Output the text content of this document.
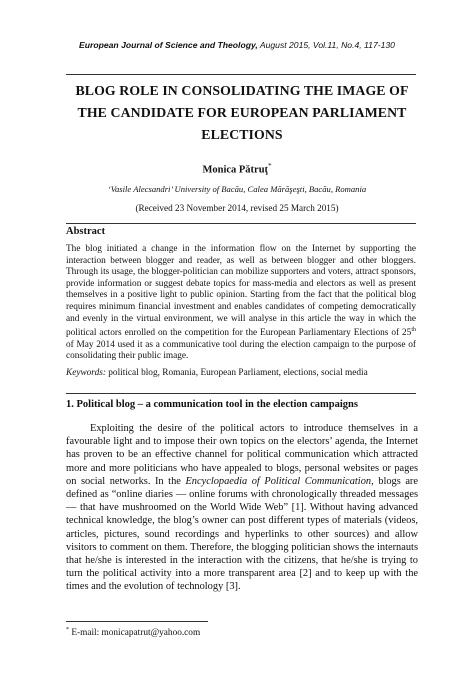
European Journal of Science and Theology, August 2015, Vol.11, No.4, 117-130
BLOG ROLE IN CONSOLIDATING THE IMAGE OF
THE CANDIDATE FOR EUROPEAN PARLIAMENT
ELECTIONS
Monica Pătruţ*
‘Vasile Alecsandri’ University of Bacău, Calea Mărăşeşti, Bacău, Romania
(Received 23 November 2014, revised 25 March 2015)
Abstract
The blog initiated a change in the information flow on the Internet by supporting the interaction between blogger and reader, as well as between blogger and other bloggers. Through its usage, the blogger-politician can mobilize supporters and voters, attract sponsors, provide information or suggest debate topics for mass-media and electors as well as present themselves in a positive light to public opinion. Starting from the fact that the political blog requires minimum financial investment and enables candidates of competing democratically and evenly in the virtual environment, we will analyse in this article the way in which the political actors enrolled on the competition for the European Parliamentary Elections of 25th of May 2014 used it as a communicative tool during the election campaign to the purpose of consolidating their public image.
Keywords: political blog, Romania, European Parliament, elections, social media
1. Political blog – a communication tool in the election campaigns
Exploiting the desire of the political actors to introduce themselves in a favourable light and to impose their own topics on the electors’ agenda, the Internet has proven to be an effective channel for political communication which attracted more and more politicians who have appealed to blogs, personal websites or pages on social networks. In the Encyclopaedia of Political Communication, blogs are defined as “online diaries — online forums with chronologically threaded messages — that have mushroomed on the World Wide Web” [1]. Without having advanced technical knowledge, the blog’s owner can post different types of materials (videos, articles, pictures, sound recordings and hyperlinks to other sources) and allow visitors to comment on them. Therefore, the blogging politician shows the internauts that he/she is interested in the interaction with the citizens, that he/she is trying to turn the political activity into a more transparent area [2] and to keep up with the times and the evolution of technology [3].
* E-mail: monicapatrut@yahoo.com
